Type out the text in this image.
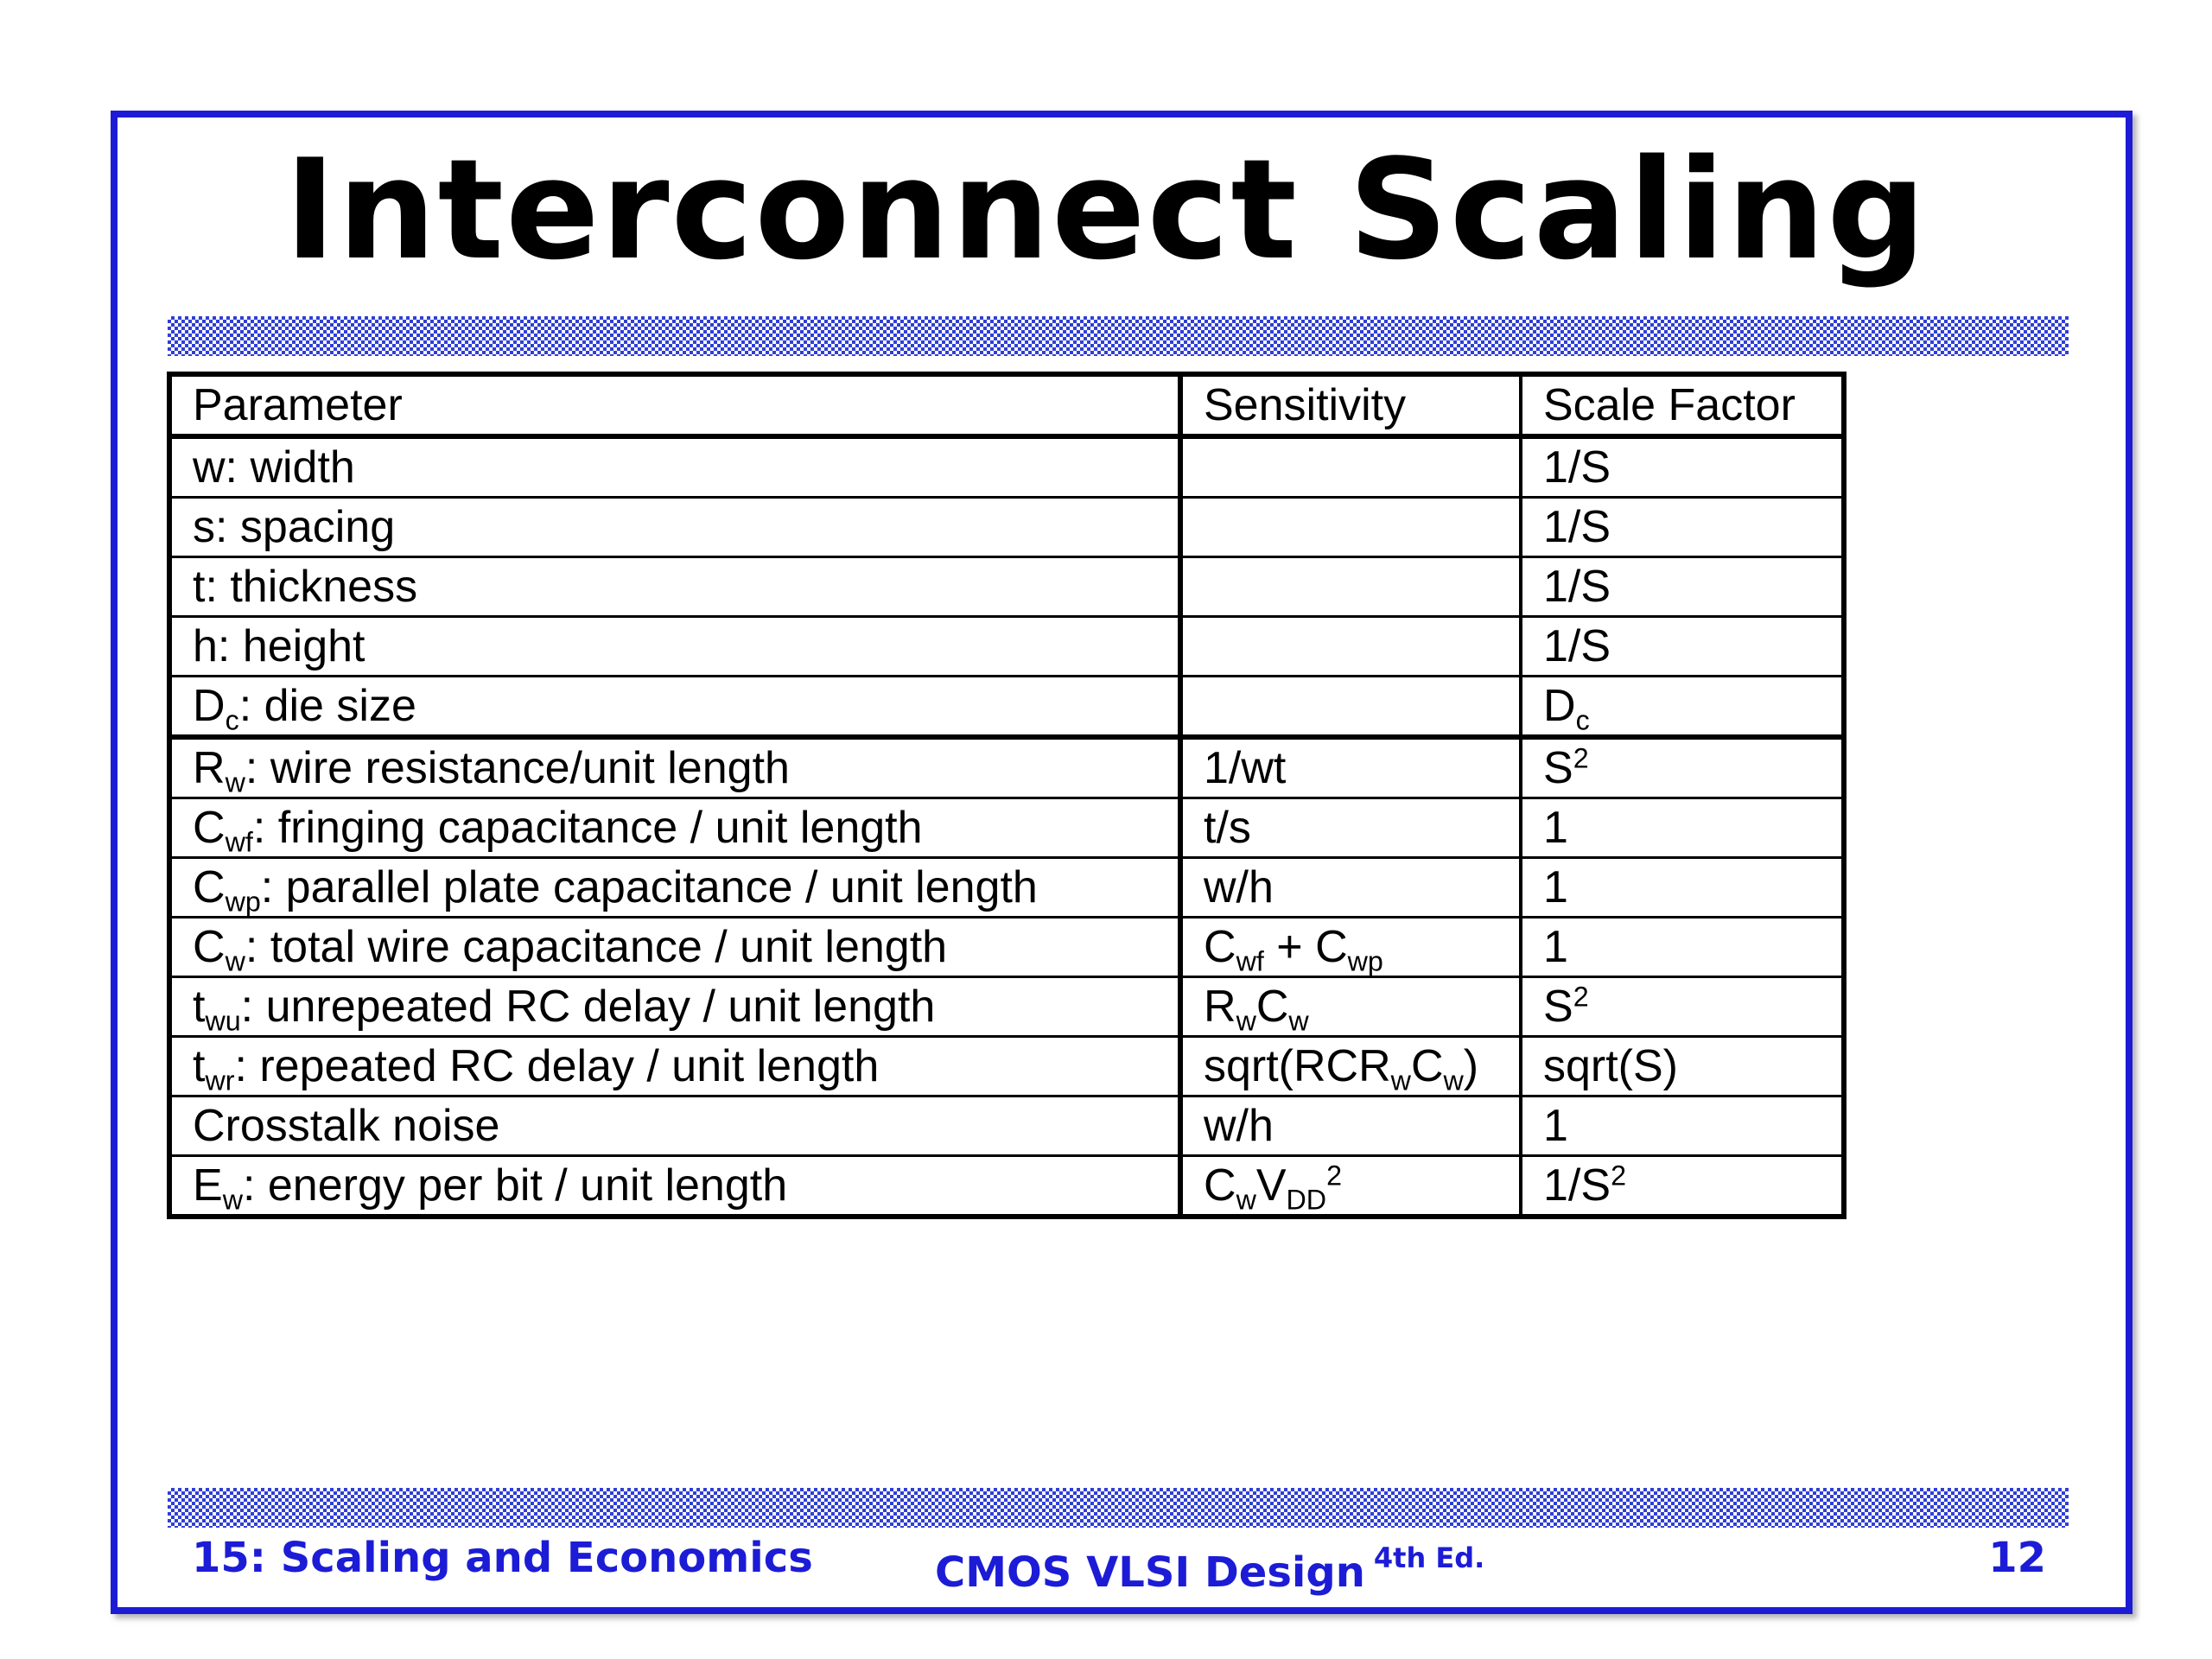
Interconnect Scaling
Parameter	Sensitivity	Scale Factor
w: width		1/S
s: spacing		1/S
t: thickness		1/S
h: height		1/S
$D_c$: die size		$D_c$
$R_w$: wire resistance/unit length	1/wt	$S^2$
$C_{wf}$: fringing capacitance / unit length	t/s	1
$C_{wp}$: parallel plate capacitance / unit length	w/h	1
$C_w$: total wire capacitance / unit length	$C_{wf} + C_{wp}$	1
$t_{wu}$: unrepeated RC delay / unit length	$R_wC_w$	$S^2$
$t_{wr}$: repeated RC delay / unit length	$sqrt(RCR_wC_w)$	sqrt(S)
Crosstalk noise	w/h	1
$E_w$: energy per bit / unit length	$C_wV_{DD}^2$	$1/S^2$
15: Scaling and Economics	CMOS VLSI Design $^{4th Ed.}$	12
